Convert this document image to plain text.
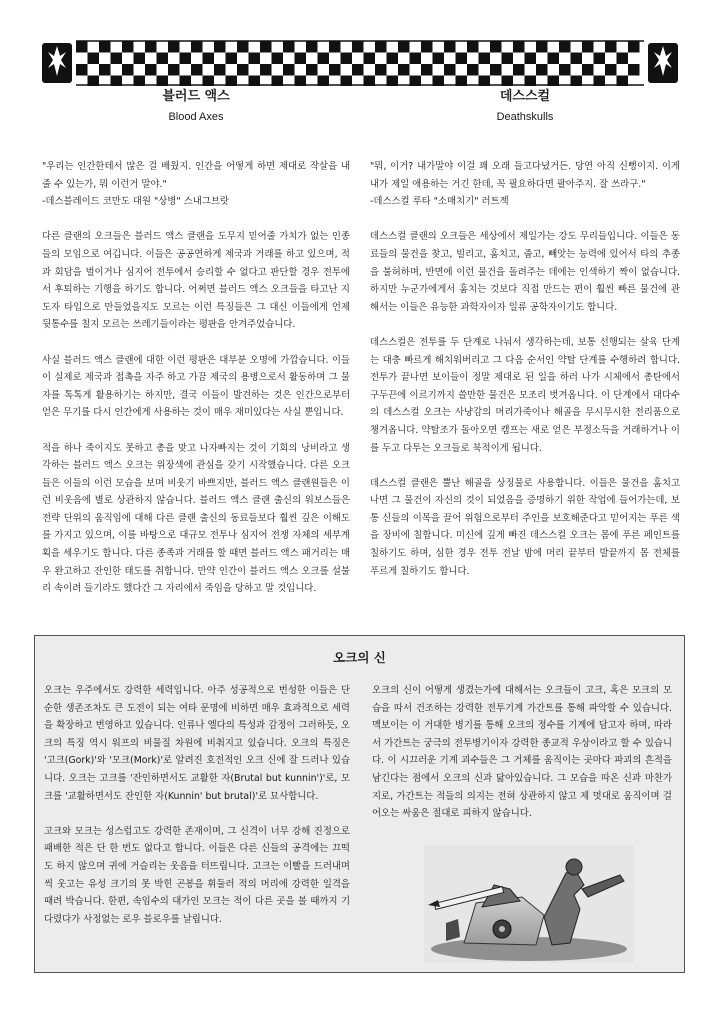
블러드 액스
Blood Axes

"우리는 인간한테서 많은 걸 배웠지. 인간을 어떻게 하면 제대로 작살을 내줄 수 있는가, 뭐 이런거 말야."

-데스블레이드 코만도 대원 "상병" 스내그브랏

다른 클랜의 오크들은 블러드 액스 클랜을 도무지 믿어줄 가치가 없는 인종들의 모임으로 여깁니다. 이들은 공공연하게 제국과 거래를 하고 있으며, 적과 회담을 벌이거나 심지어 전투에서 승리할 수 없다고 판단할 경우 전투에서 후퇴하는 기행을 하기도 합니다. 어쩌면 블러드 액스 오크들을 타고난 지도자 타입으로 만들었을지도 모르는 이런 특징들은 그 대신 이들에게 언제 뒷통수를 칠지 모르는 쓰레기들이라는 평판을 안겨주었습니다.

사실 블러드 액스 클랜에 대한 이런 평판은 대부분 오명에 가깝습니다. 이들이 실제로 제국과 접촉을 자주 하고 가끔 제국의 용병으로서 활동하며 그 물자를 톡톡게 활용하기는 하지만, 결국 이들이 발견하는 것은 인간으로부터 얻은 무기를 다시 인간에게 사용하는 것이 매우 재미있다는 사실 뿐입니다.

적을 하나 죽이지도 못하고 총을 맞고 나자빠지는 것이 기회의 낭비라고 생각하는 블러드 액스 오크는 위장색에 관심을 갖기 시작했습니다. 다른 오크들은 이들의 이런 모습을 보며 비웃기 바쁘지만, 블러드 액스 클랜원들은 이런 비웃음에 별로 상관하지 않습니다. 블러드 액스 클랜 출신의 워보스들은 전략 단위의 움직임에 대해 다른 클랜 출신의 동료들보다 훨씬 깊은 이해도를 가지고 있으며, 이를 바탕으로 대규모 전투나 심지어 전쟁 자체의 세부계획을 세우기도 합니다. 다른 종족과 거래를 할 때면 블러드 액스 패거리는 매우 완고하고 잔인한 태도를 취합니다. 만약 인간이 블러드 액스 오크를 설불리 속이려 들기라도 했다간 그 자리에서 죽임을 당하고 말 것입니다.

데스스컬
Deathskulls

"뭐, 이거? 내가말야 이걸 꽤 오래 들고다녔거든. 당연 아직 신뻥이지. 이게 내가 제일 애용하는 거긴 한데, 꼭 필요하다면 팔아주지. 잘 쓰라구."

-데스스컬 루타 "소매치기" 러트젝

데스스컬 클랜의 오크들은 세상에서 제일가는 강도 무리들입니다. 이들은 동료들의 물건을 찾고, 빌리고, 훔치고, 줍고, 빼앗는 능력에 있어서 타의 추종을 불허하며, 반면에 이런 물건을 돌려주는 데에는 인색하기 짝이 없습니다. 하지만 누군가에게서 훔치는 것보다 직접 만드는 편이 훨씬 빠른 물건에 관해서는 이들은 유능한 과학자이자 일류 공학자이기도 합니다.

데스스컬은 전투를 두 단계로 나눠서 생각하는데, 보통 선행되는 살육 단계는 대충 빠르게 해치워버리고 그 다음 순서인 약탈 단계를 수행하려 합니다. 전투가 끝나면 보이들이 정말 제대로 된 일을 하러 나가 시체에서 총탄에서 구두끈에 이르기까지 쓸만한 물건은 모조리 벗겨옵니다. 이 단계에서 대다수의 데스스컬 오크는 사냥감의 머리가죽이나 해골을 무시무시한 전리품으로 챙겨옵니다. 약탈조가 돌아오면 캠프는 새로 얻은 부정소득을 거래하거나 이를 두고 다투는 오크들로 북적이게 됩니다.

데스스컬 클랜은 뿔난 해골을 상징물로 사용합니다. 이들은 물건을 훔치고 나면 그 물건이 자신의 것이 되었음을 증명하기 위한 작업에 들어가는데, 보통 신들의 이목을 끌어 위험으로부터 주인을 보호해준다고 믿어지는 푸른 색을 장비에 칠합니다. 미신에 깊게 빠진 데스스컬 오크는 몸에 푸른 페인트를 칠하기도 하며, 심한 경우 전투 전날 밤에 머리 끝부터 발끝까지 몸 전체를 푸르게 칠하기도 합니다.

오크의 신

오크는 우주에서도 강력한 세력입니다. 아주 성공적으로 번성한 이들은 단순한 생존조차도 큰 도전이 되는 여타 문명에 비하면 매우 효과적으로 세력을 확장하고 번영하고 있습니다. 인류나 엘다의 특성과 감정이 그러하듯, 오크의 특징 역시 워프의 비물질 차원에 비춰지고 있습니다. 오크의 특징은 '고크(Gork)'와 '모크(Mork)'로 알려진 호전적인 오크 신에 잘 드러나 있습니다. 오크는 고크를 '잔인하면서도 교활한 자(Brutal but kunnin')'로, 모크를 '교활하면서도 잔인한 자(Kunnin' but brutal)'로 묘사합니다.

고크와 모크는 성스럽고도 강력한 존재이며, 그 신격이 너무 강해 진정으로 패배한 적은 단 한 번도 없다고 합니다. 이들은 다른 신들의 공격에는 끄떡도 하지 않으며 귀에 거슬리는 웃음을 터뜨립니다. 고크는 이빨을 드러내며 씩 웃고는 유성 크기의 못 박힌 곤봉을 휘둘러 적의 머리에 강력한 일격을 때려 박습니다. 한편, 속임수의 대가인 모크는 적이 다른 곳을 볼 때까지 기다렸다가 사정없는 로우 블로우를 날립니다.

오크의 신이 어떻게 생겼는가에 대해서는 오크들이 고크, 혹은 모크의 모습을 따서 건조하는 강력한 전투기계 가간트를 통해 파악할 수 있습니다. 멕보이는 이 거대한 병기를 통해 오크의 정수를 기계에 담고자 하며, 따라서 가간트는 궁극의 전투병기이자 강력한 종교적 우상이라고 할 수 있습니다. 이 시끄러운 기계 괴수들은 그 거체를 움직이는 곳마다 파괴의 흔적을 남긴다는 점에서 오크의 신과 닮아있습니다. 그 모습을 따온 신과 마찬가지로, 가간트는 적들의 의지는 전혀 상관하지 않고 제 멋대로 움직이며 걸어오는 싸움은 절대로 피하지 않습니다.
